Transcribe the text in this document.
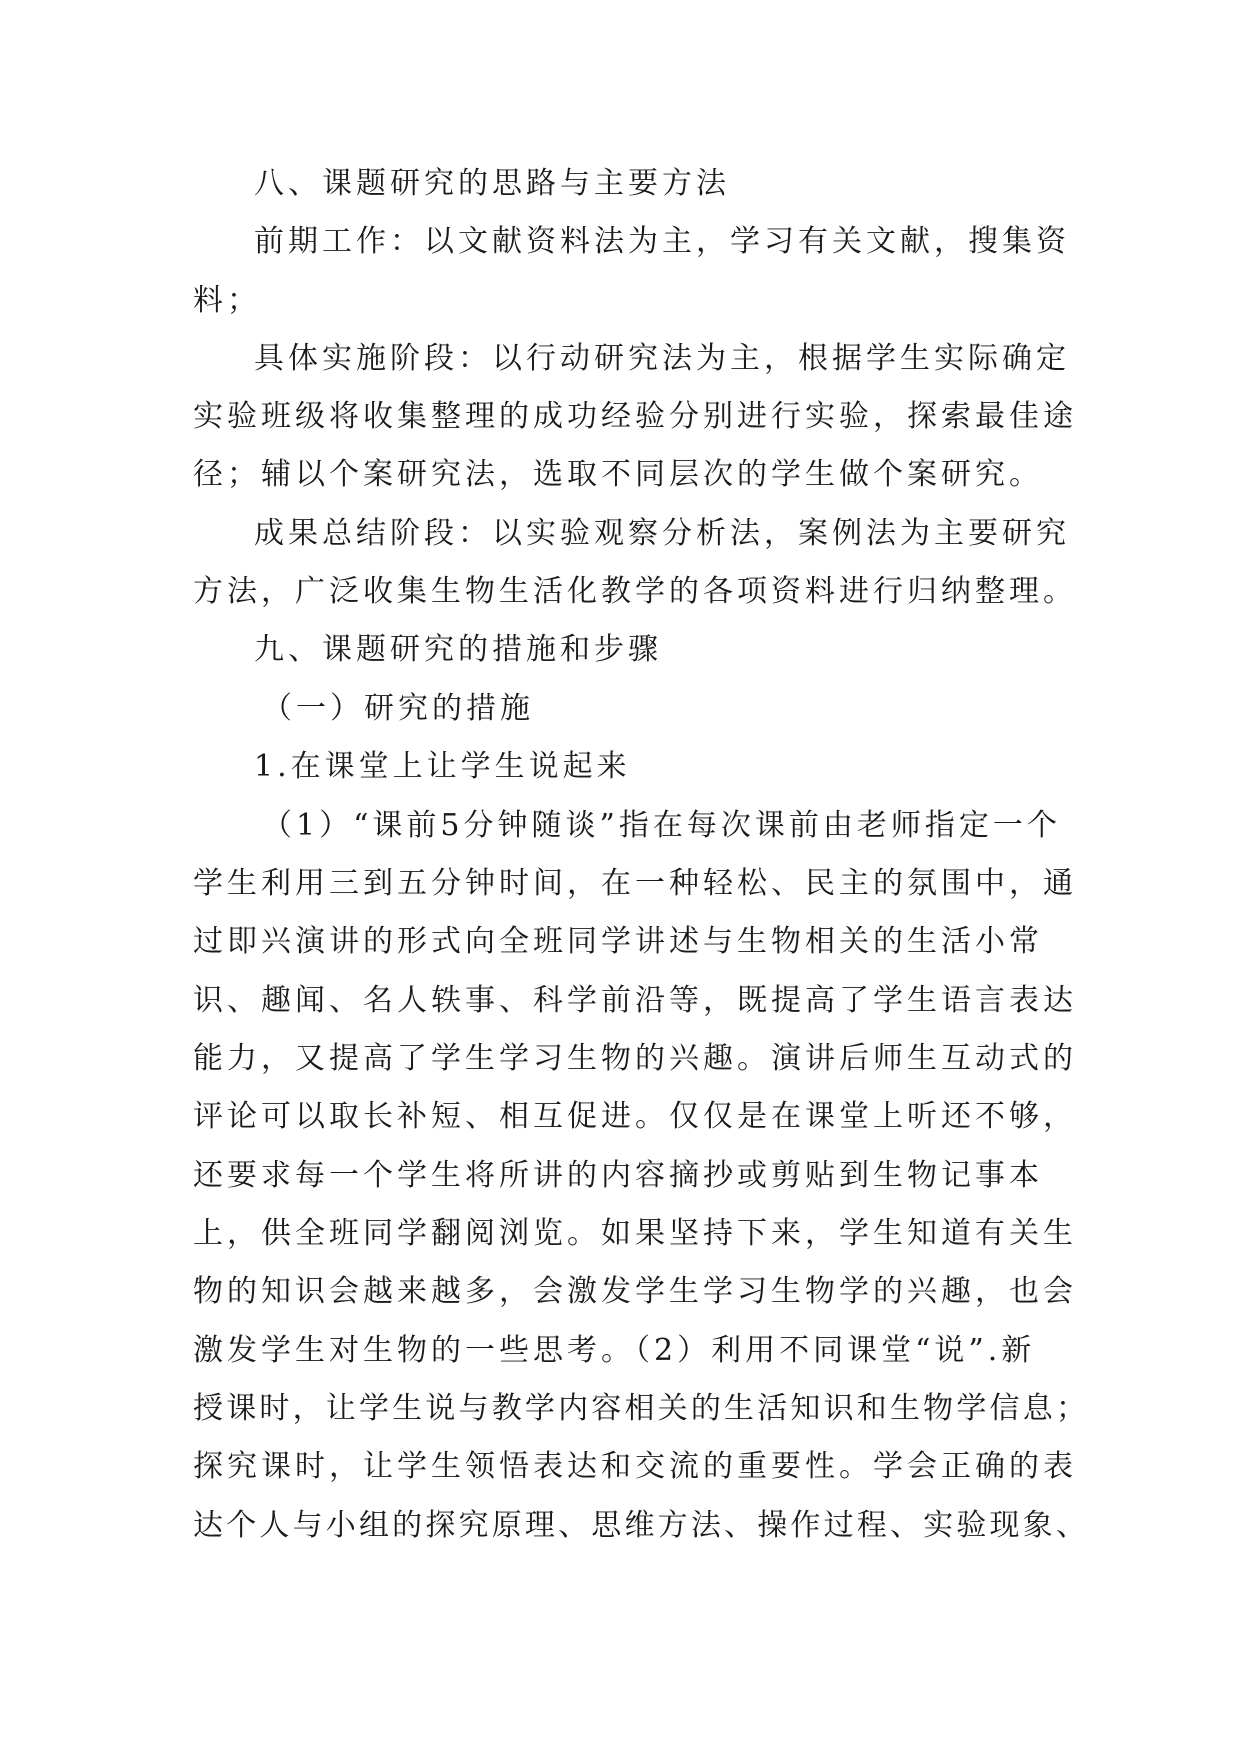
八、课题研究的思路与主要方法
前期工作：以文献资料法为主，学习有关文献，搜集资
料；
具体实施阶段：以行动研究法为主，根据学生实际确定
实验班级将收集整理的成功经验分别进行实验，探索最佳途
径；辅以个案研究法，选取不同层次的学生做个案研究。
成果总结阶段：以实验观察分析法，案例法为主要研究
方法，广泛收集生物生活化教学的各项资料进行归纳整理。
九、课题研究的措施和步骤
（一）研究的措施
1.在课堂上让学生说起来
（1）“课前5分钟随谈”指在每次课前由老师指定一个
学生利用三到五分钟时间，在一种轻松、民主的氛围中，通
过即兴演讲的形式向全班同学讲述与生物相关的生活小常
识、趣闻、名人轶事、科学前沿等，既提高了学生语言表达
能力，又提高了学生学习生物的兴趣。演讲后师生互动式的
评论可以取长补短、相互促进。仅仅是在课堂上听还不够，
还要求每一个学生将所讲的内容摘抄或剪贴到生物记事本
上，供全班同学翻阅浏览。如果坚持下来，学生知道有关生
物的知识会越来越多，会激发学生学习生物学的兴趣，也会
激发学生对生物的一些思考。（2）利用不同课堂“说”.新
授课时，让学生说与教学内容相关的生活知识和生物学信息；
探究课时，让学生领悟表达和交流的重要性。学会正确的表
达个人与小组的探究原理、思维方法、操作过程、实验现象、
